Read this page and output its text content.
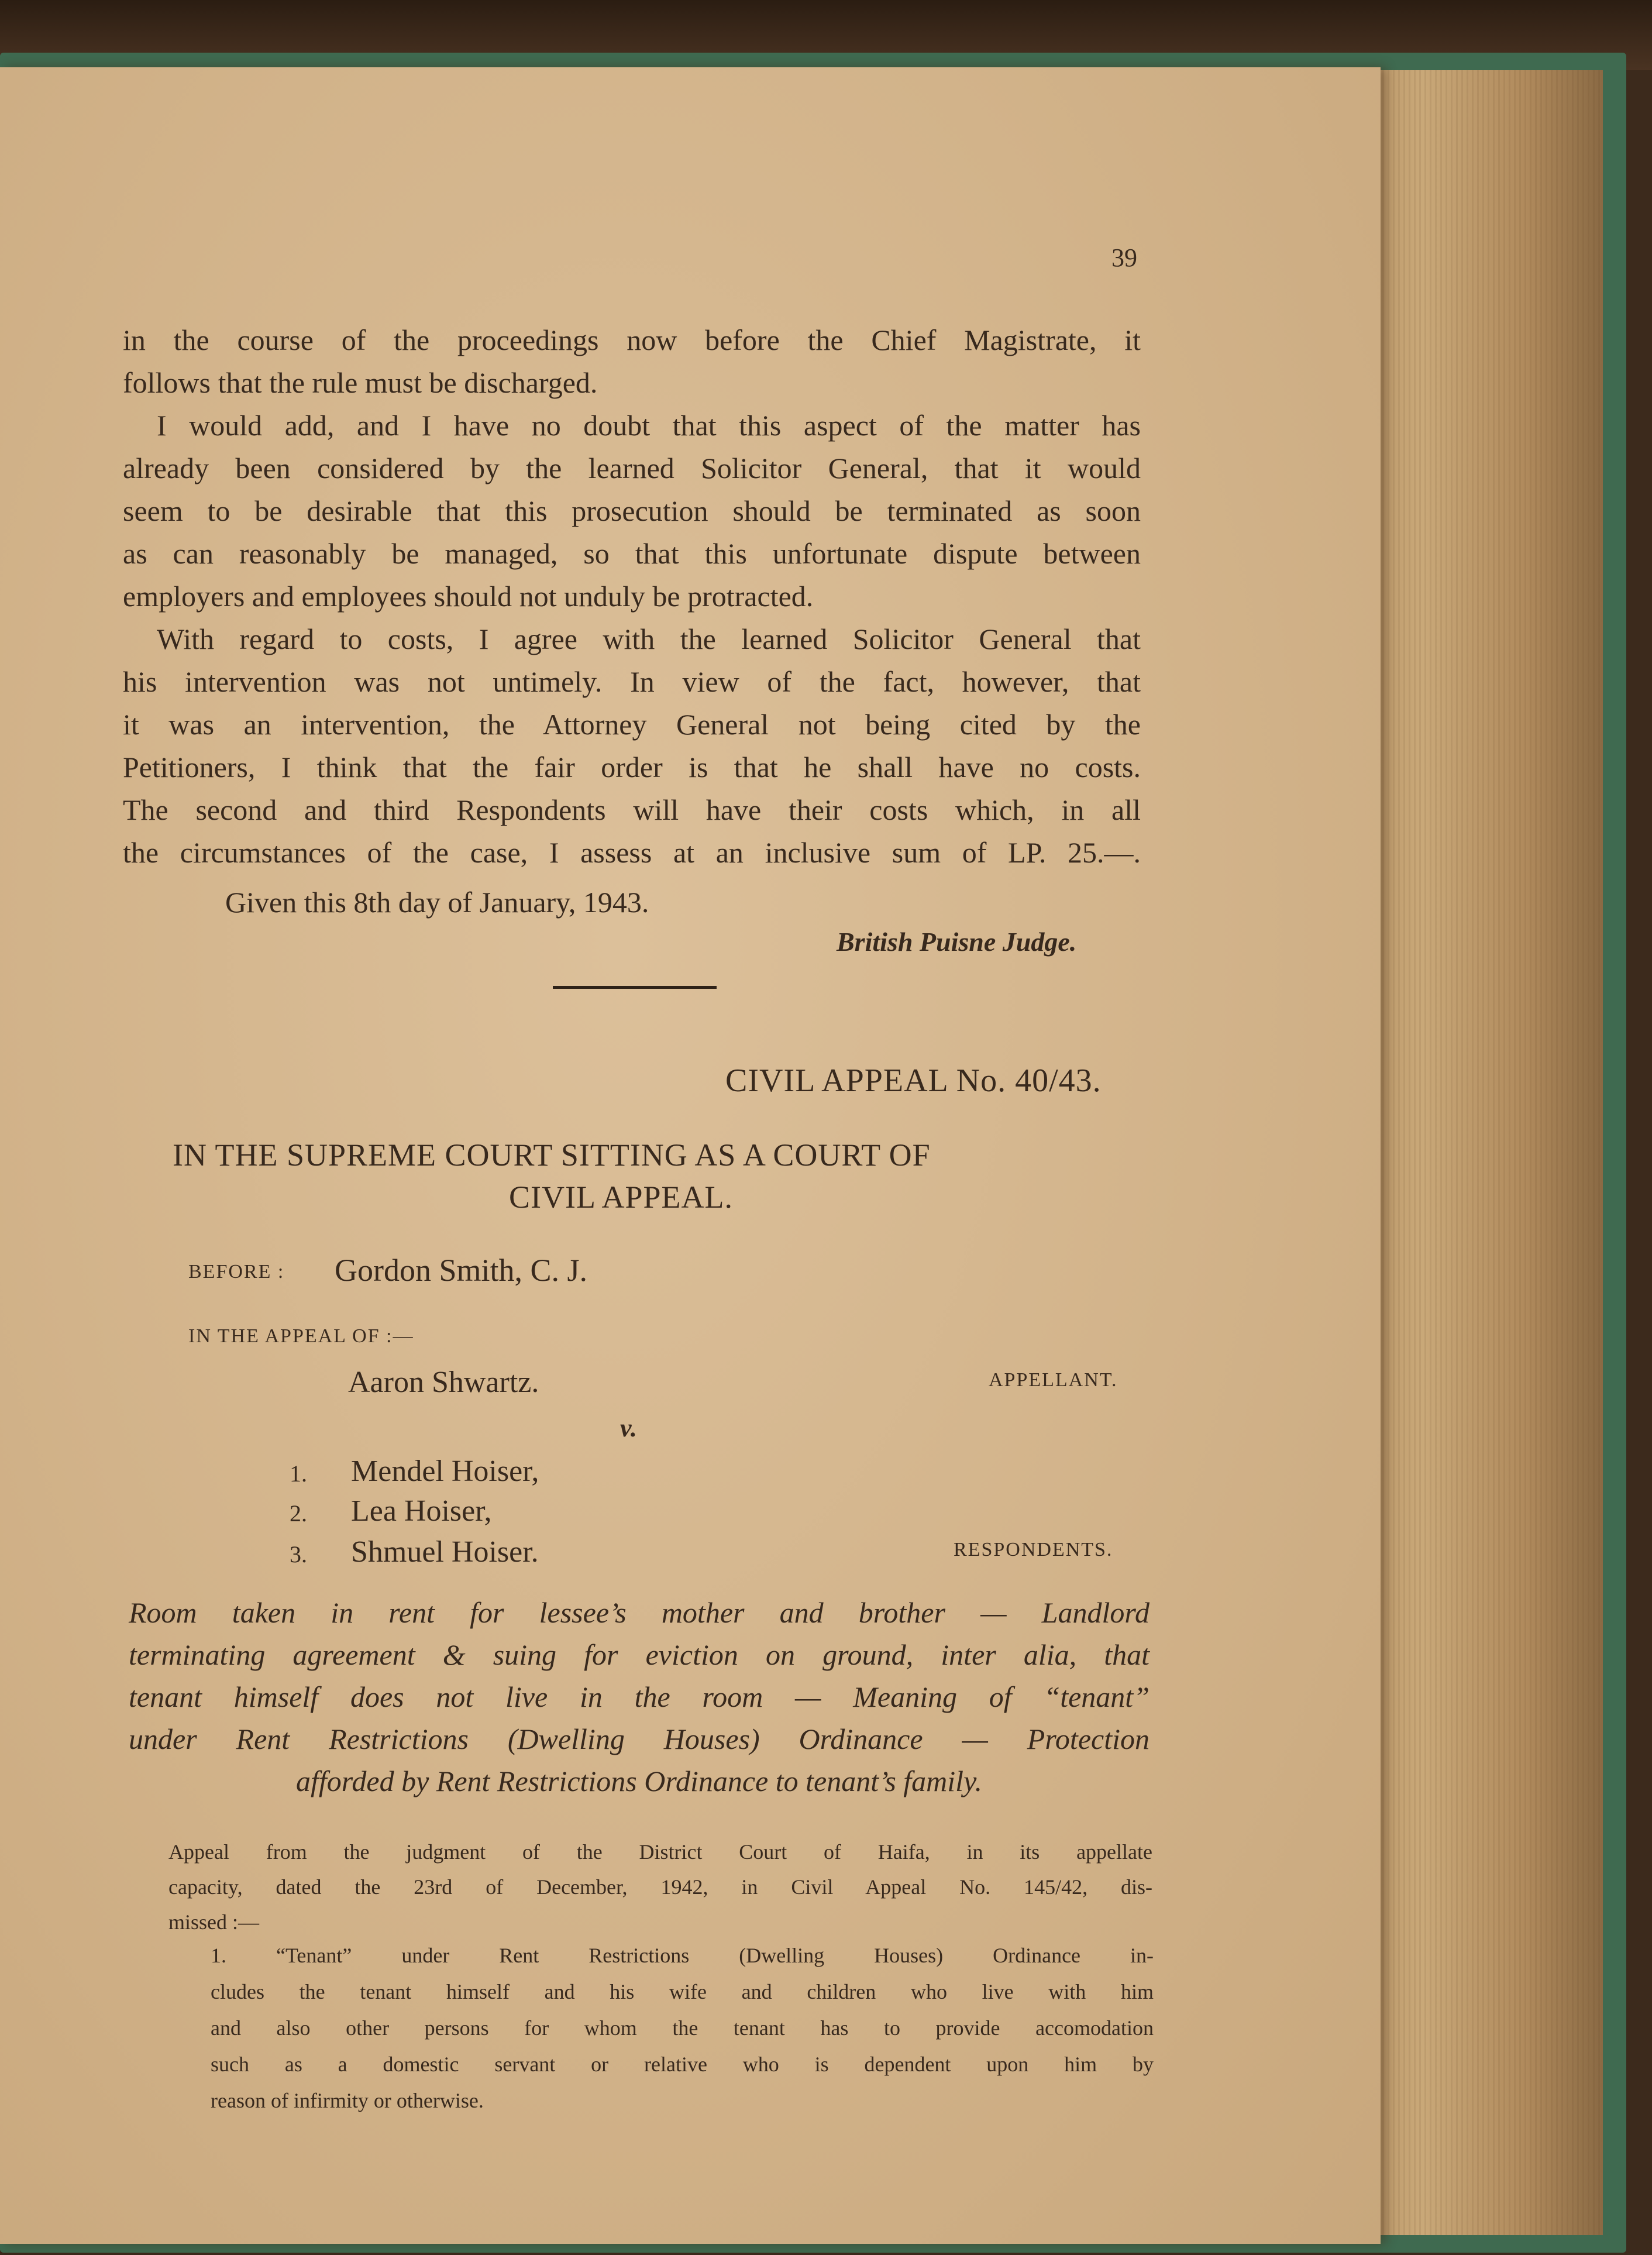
39
in the course of the proceedings now before the Chief Magistrate, it
follows that the rule must be discharged.
I would add, and I have no doubt that this aspect of the matter has
already been considered by the learned Solicitor General, that it would
seem to be desirable that this prosecution should be terminated as soon
as can reasonably be managed, so that this unfortunate dispute between
employers and employees should not unduly be protracted.
With regard to costs, I agree with the learned Solicitor General that
his intervention was not untimely. In view of the fact, however, that
it was an intervention, the Attorney General not being cited by the
Petitioners, I think that the fair order is that he shall have no costs.
The second and third Respondents will have their costs which, in all
the circumstances of the case, I assess at an inclusive sum of LP. 25.—.
Given this 8th day of January, 1943.
British Puisne Judge.
CIVIL APPEAL No. 40/43.
IN THE SUPREME COURT SITTING AS A COURT OF
CIVIL APPEAL.
BEFORE : Gordon Smith, C. J.
IN THE APPEAL OF :—
Aaron Shwartz.	APPELLANT.
v.
1. Mendel Hoiser,
2. Lea Hoiser,
3. Shmuel Hoiser.	RESPONDENTS.
Room taken in rent for lessee’s mother and brother — Landlord
terminating agreement & suing for eviction on ground, inter alia, that
tenant himself does not live in the room — Meaning of “tenant”
under Rent Restrictions (Dwelling Houses) Ordinance — Protection
afforded by Rent Restrictions Ordinance to tenant’s family.
Appeal from the judgment of the District Court of Haifa, in its appellate
capacity, dated the 23rd of December, 1942, in Civil Appeal No. 145/42, dis-
missed :—
1. “Tenant” under Rent Restrictions (Dwelling Houses) Ordinance in-
cludes the tenant himself and his wife and children who live with him
and also other persons for whom the tenant has to provide accomodation
such as a domestic servant or relative who is dependent upon him by
reason of infirmity or otherwise.
